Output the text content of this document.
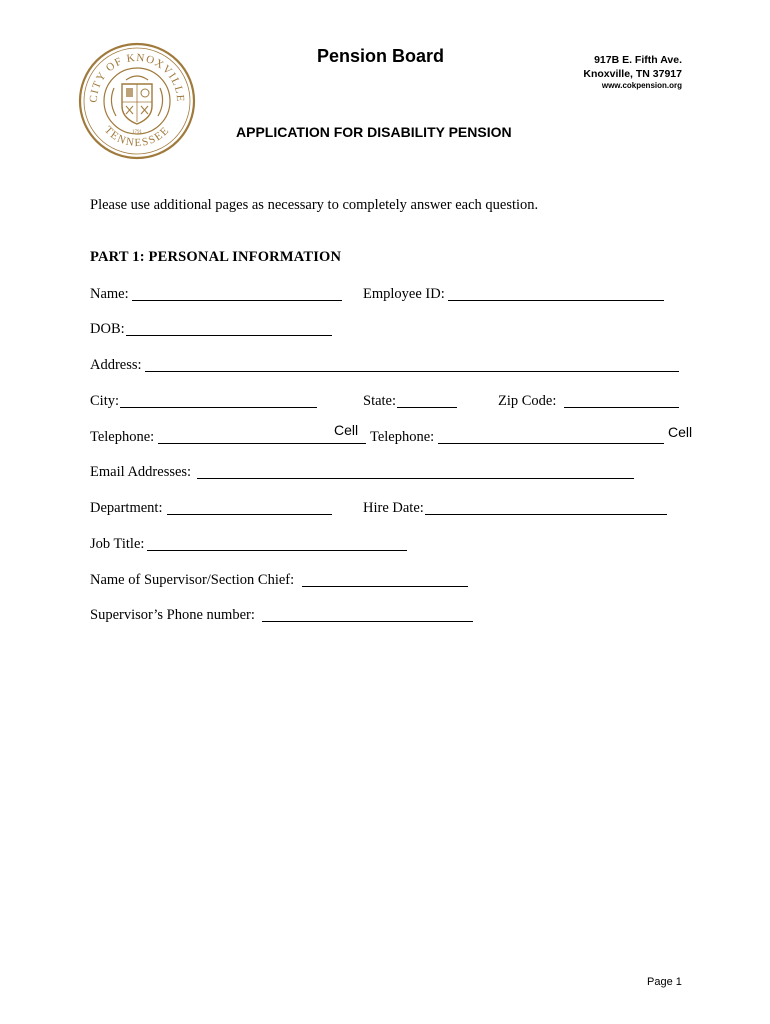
CITY OF KNOXVILLE
TENNESSEE
1791
Pension Board	917B E. Fifth Ave.
Knoxville, TN 37917
www.cokpension.org
APPLICATION FOR DISABILITY PENSION
Please use additional pages as necessary to completely answer each question.
PART 1: PERSONAL INFORMATION
Name:	Employee ID:
DOB:
Address:
City:	State:	Zip Code:
Telephone:	Cell Telephone:	Cell
Email Addresses:
Department:	Hire Date:
Job Title:
Name of Supervisor/Section Chief:
Supervisor’s Phone number:
Page 1
